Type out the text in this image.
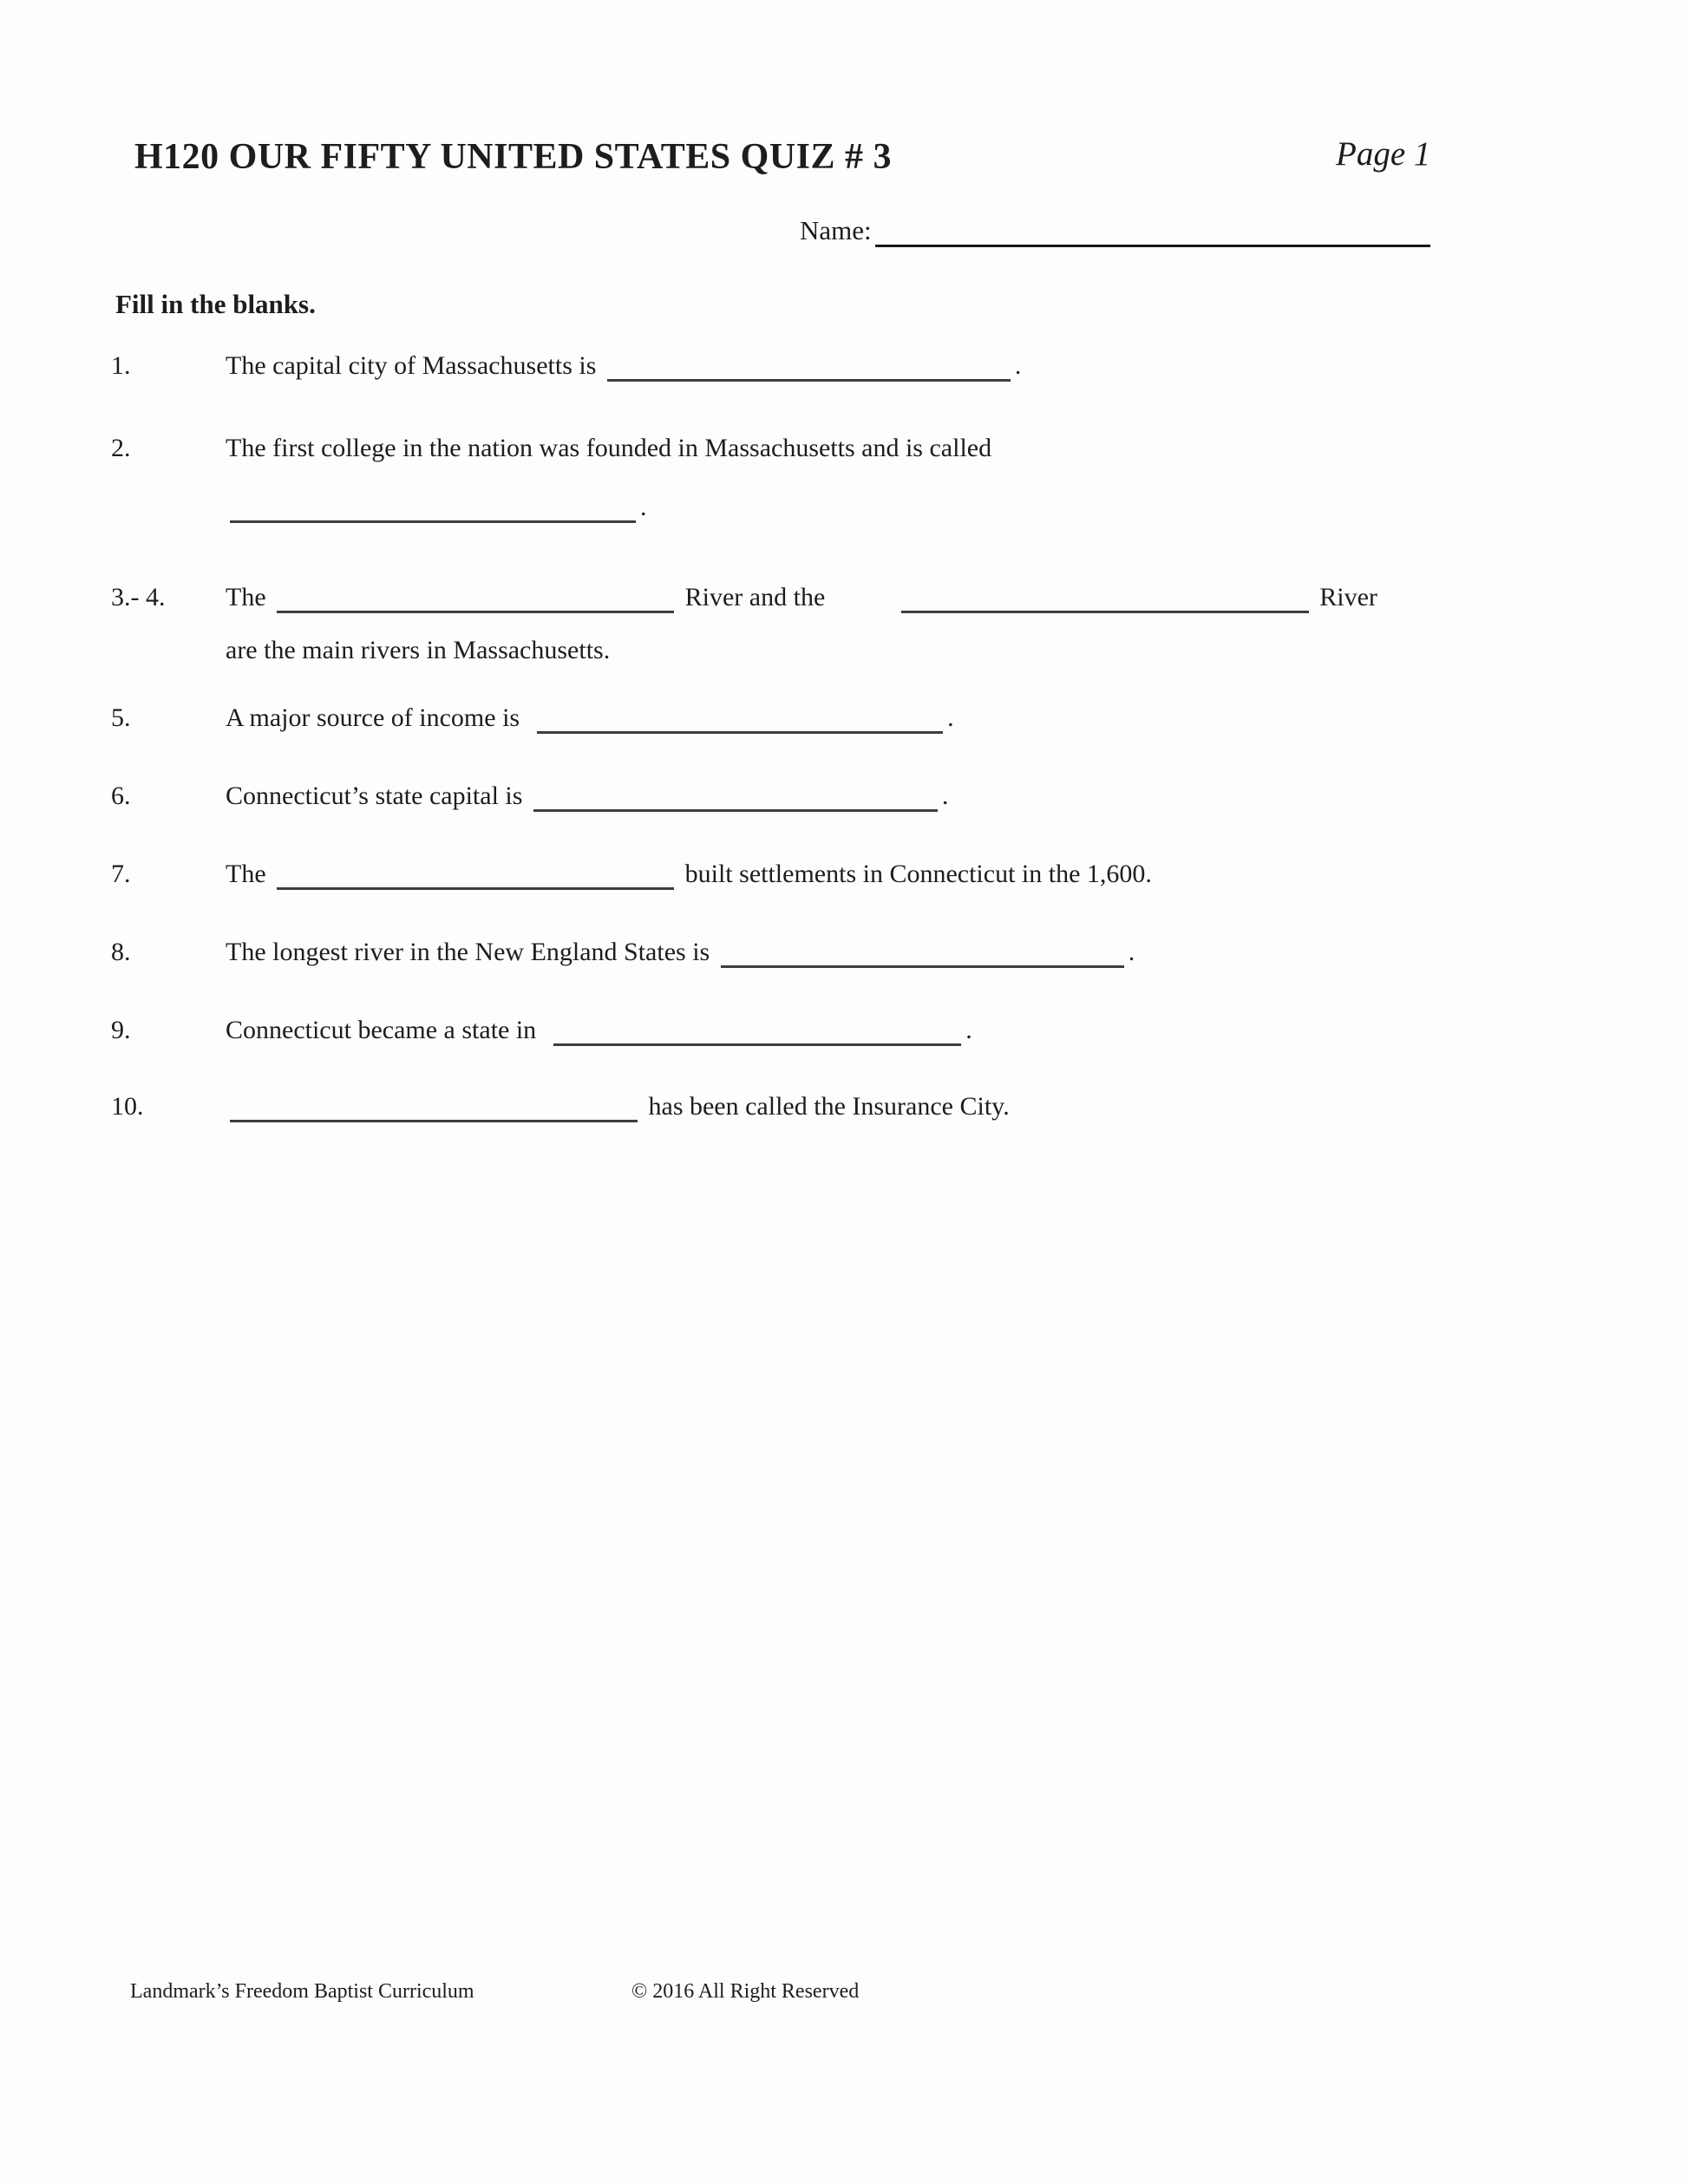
H120 OUR FIFTY UNITED STATES QUIZ # 3	Page 1
Name:
Fill in the blanks.
1.	The capital city of Massachusetts is	.
2.	The first college in the nation was founded in Massachusetts and is called
.
3.- 4.	The	River and the	River
are the main rivers in Massachusetts.
5.	A major source of income is	.
6.	Connecticut’s state capital is	.
7.	The	built settlements in Connecticut in the 1,600.
8.	The longest river in the New England States is	.
9.	Connecticut became a state in	.
10.	has been called the Insurance City.
Landmark’s Freedom Baptist Curriculum	© 2016 All Right Reserved
